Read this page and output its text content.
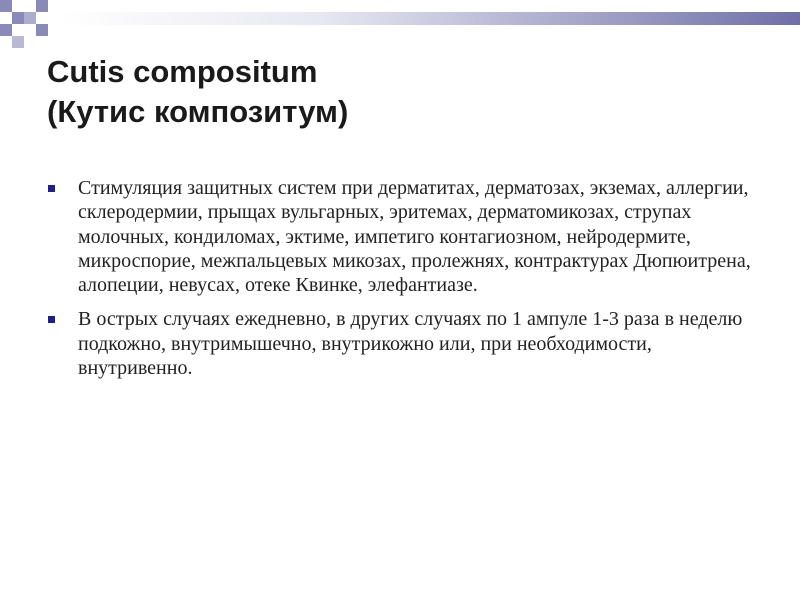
Cutis compositum
(Кутис композитум)
Стимуляция защитных систем при дерматитах, дерматозах, экземах, аллергии, склеродермии, прыщах вульгарных, эритемах, дерматомикозах, струпах молочных, кондиломах, эктиме, импетиго контагиозном, нейродермите, микроспорие, межпальцевых микозах, пролежнях, контрактурах Дюпюитрена, алопеции, невусах, отеке Квинке, элефантиазе.
В острых случаях ежедневно, в других случаях по 1 ампуле 1-3 раза в неделю подкожно, внутримышечно, внутрикожно или, при необходимости, внутривенно.
